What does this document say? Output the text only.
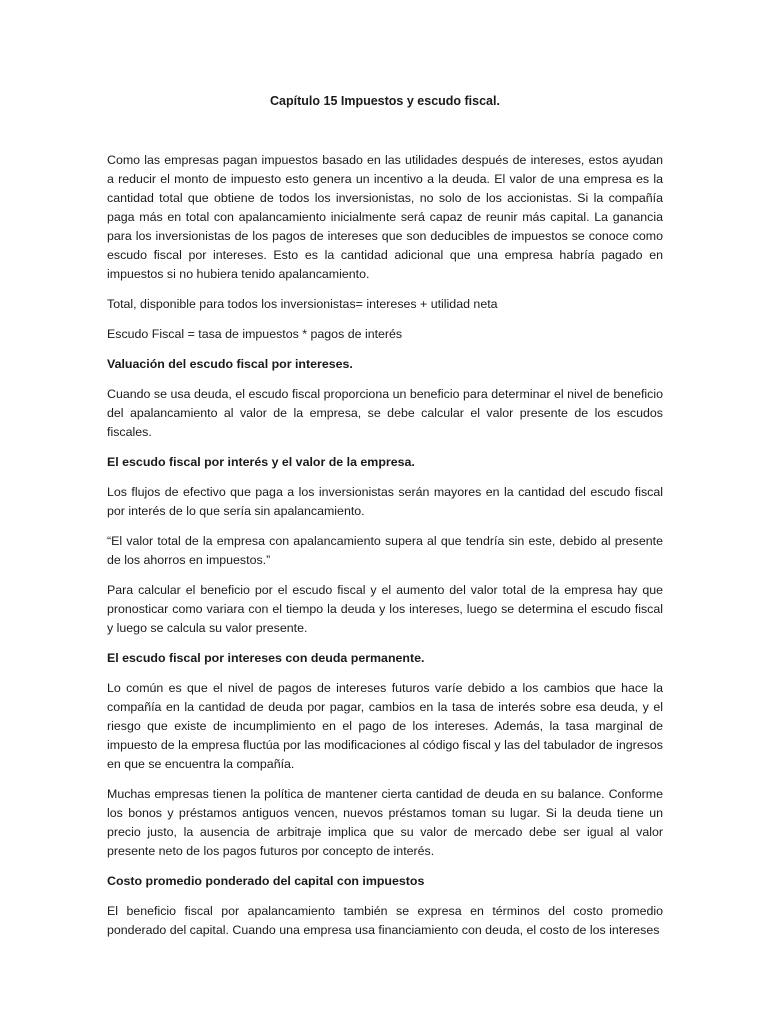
Capítulo 15 Impuestos y escudo fiscal.

Como las empresas pagan impuestos basado en las utilidades después de intereses, estos ayudan a reducir el monto de impuesto esto genera un incentivo a la deuda. El valor de una empresa es la cantidad total que obtiene de todos los inversionistas, no solo de los accionistas. Si la compañía paga más en total con apalancamiento inicialmente será capaz de reunir más capital. La ganancia para los inversionistas de los pagos de intereses que son deducibles de impuestos se conoce como escudo fiscal por intereses. Esto es la cantidad adicional que una empresa habría pagado en impuestos si no hubiera tenido apalancamiento.

Total, disponible para todos los inversionistas= intereses + utilidad neta

Escudo Fiscal = tasa de impuestos * pagos de interés

Valuación del escudo fiscal por intereses.

Cuando se usa deuda, el escudo fiscal proporciona un beneficio para determinar el nivel de beneficio del apalancamiento al valor de la empresa, se debe calcular el valor presente de los escudos fiscales.

El escudo fiscal por interés y el valor de la empresa.

Los flujos de efectivo que paga a los inversionistas serán mayores en la cantidad del escudo fiscal por interés de lo que sería sin apalancamiento.

“El valor total de la empresa con apalancamiento supera al que tendría sin este, debido al presente de los ahorros en impuestos.”

Para calcular el beneficio por el escudo fiscal y el aumento del valor total de la empresa hay que pronosticar como variara con el tiempo la deuda y los intereses, luego se determina el escudo fiscal y luego se calcula su valor presente.

El escudo fiscal por intereses con deuda permanente.

Lo común es que el nivel de pagos de intereses futuros varíe debido a los cambios que hace la compañía en la cantidad de deuda por pagar, cambios en la tasa de interés sobre esa deuda, y el riesgo que existe de incumplimiento en el pago de los intereses. Además, la tasa marginal de impuesto de la empresa fluctúa por las modificaciones al código fiscal y las del tabulador de ingresos en que se encuentra la compañía.

Muchas empresas tienen la política de mantener cierta cantidad de deuda en su balance. Conforme los bonos y préstamos antiguos vencen, nuevos préstamos toman su lugar. Si la deuda tiene un precio justo, la ausencia de arbitraje implica que su valor de mercado debe ser igual al valor presente neto de los pagos futuros por concepto de interés.

Costo promedio ponderado del capital con impuestos

El beneficio fiscal por apalancamiento también se expresa en términos del costo promedio ponderado del capital. Cuando una empresa usa financiamiento con deuda, el costo de los intereses
